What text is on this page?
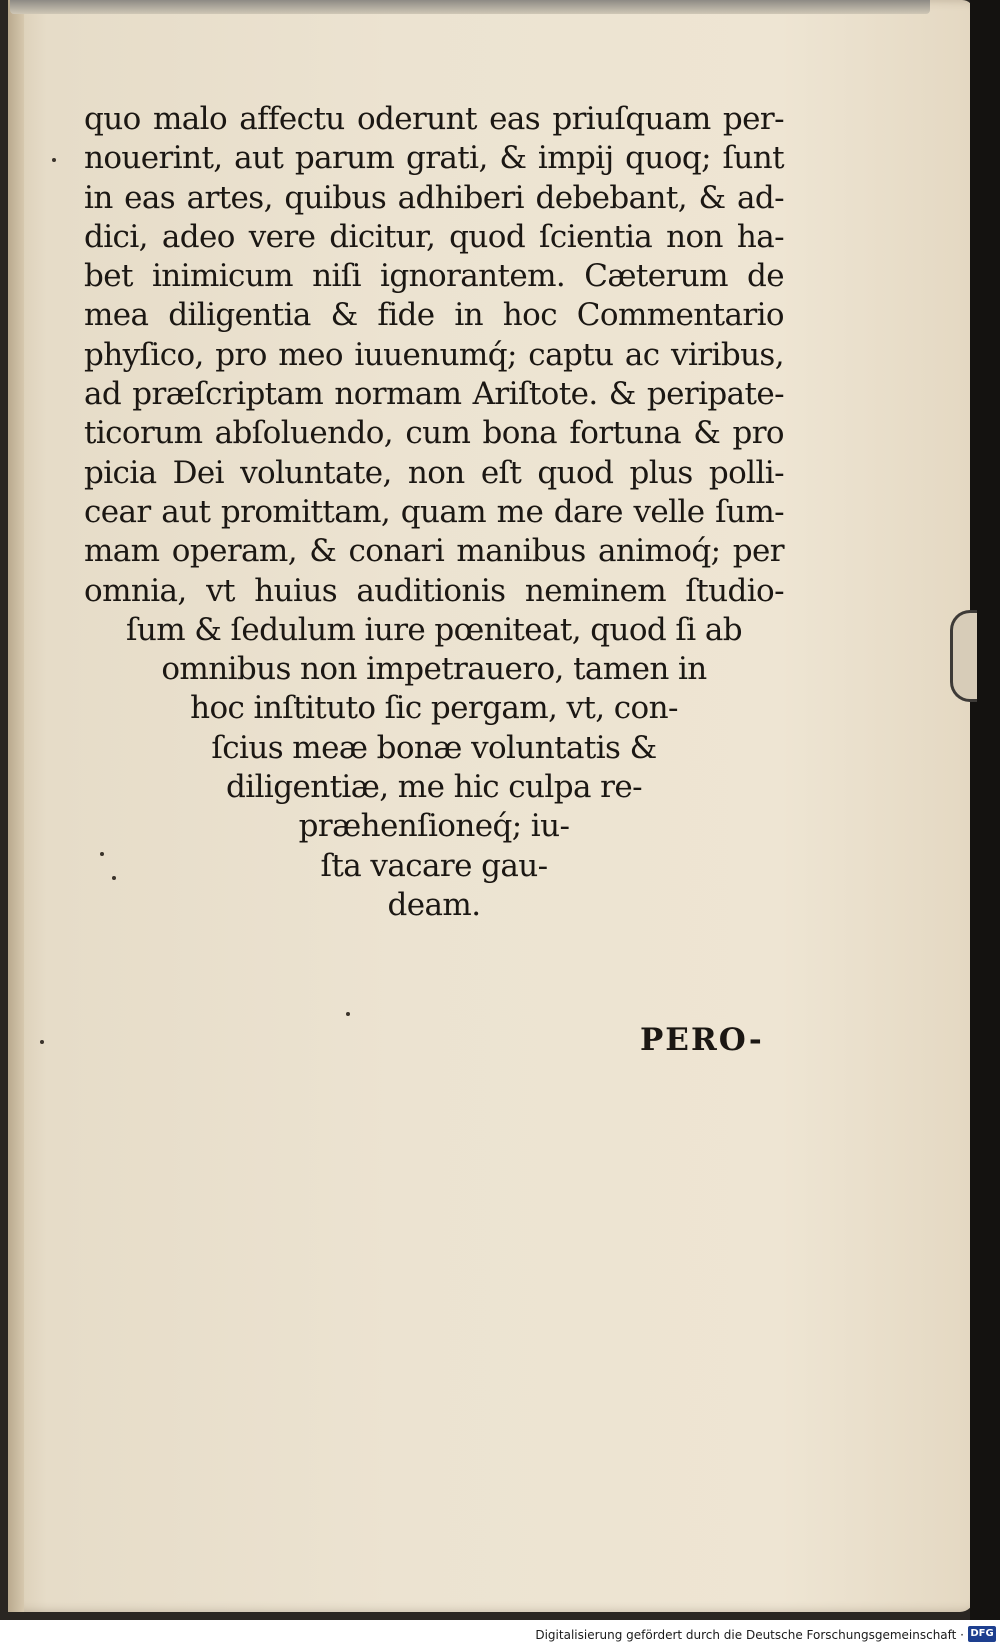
quo malo affectu oderunt eas priuſquam per-
nouerint, aut parum grati, & impij quoq; ſunt
in eas artes, quibus adhiberi debebant, & ad-
dici, adeo vere dicitur, quod ſcientia non ha-
bet inimicum niſi ignorantem. Cæterum de
mea diligentia & fide in hoc Commentario
phyſico, pro meo iuuenumq́; captu ac viribus,
ad præſcriptam normam Ariſtote. & peripate-
ticorum abſoluendo, cum bona fortuna & pro
picia Dei voluntate, non eſt quod plus polli-
cear aut promittam, quam me dare velle ſum-
mam operam, & conari manibus animoq́; per
omnia, vt huius auditionis neminem ſtudio-
ſum & ſedulum iure pœniteat, quod ſi ab
omnibus non impetrauero, tamen in
hoc inſtituto ſic pergam, vt, con-
ſcius meæ bonæ voluntatis &
diligentiæ, me hic culpa re-
præhenſioneq́; iu-
ſta vacare gau-
deam.
PERO-
Digitalisierung gefördert durch die Deutsche Forschungsgemeinschaft · DFG
